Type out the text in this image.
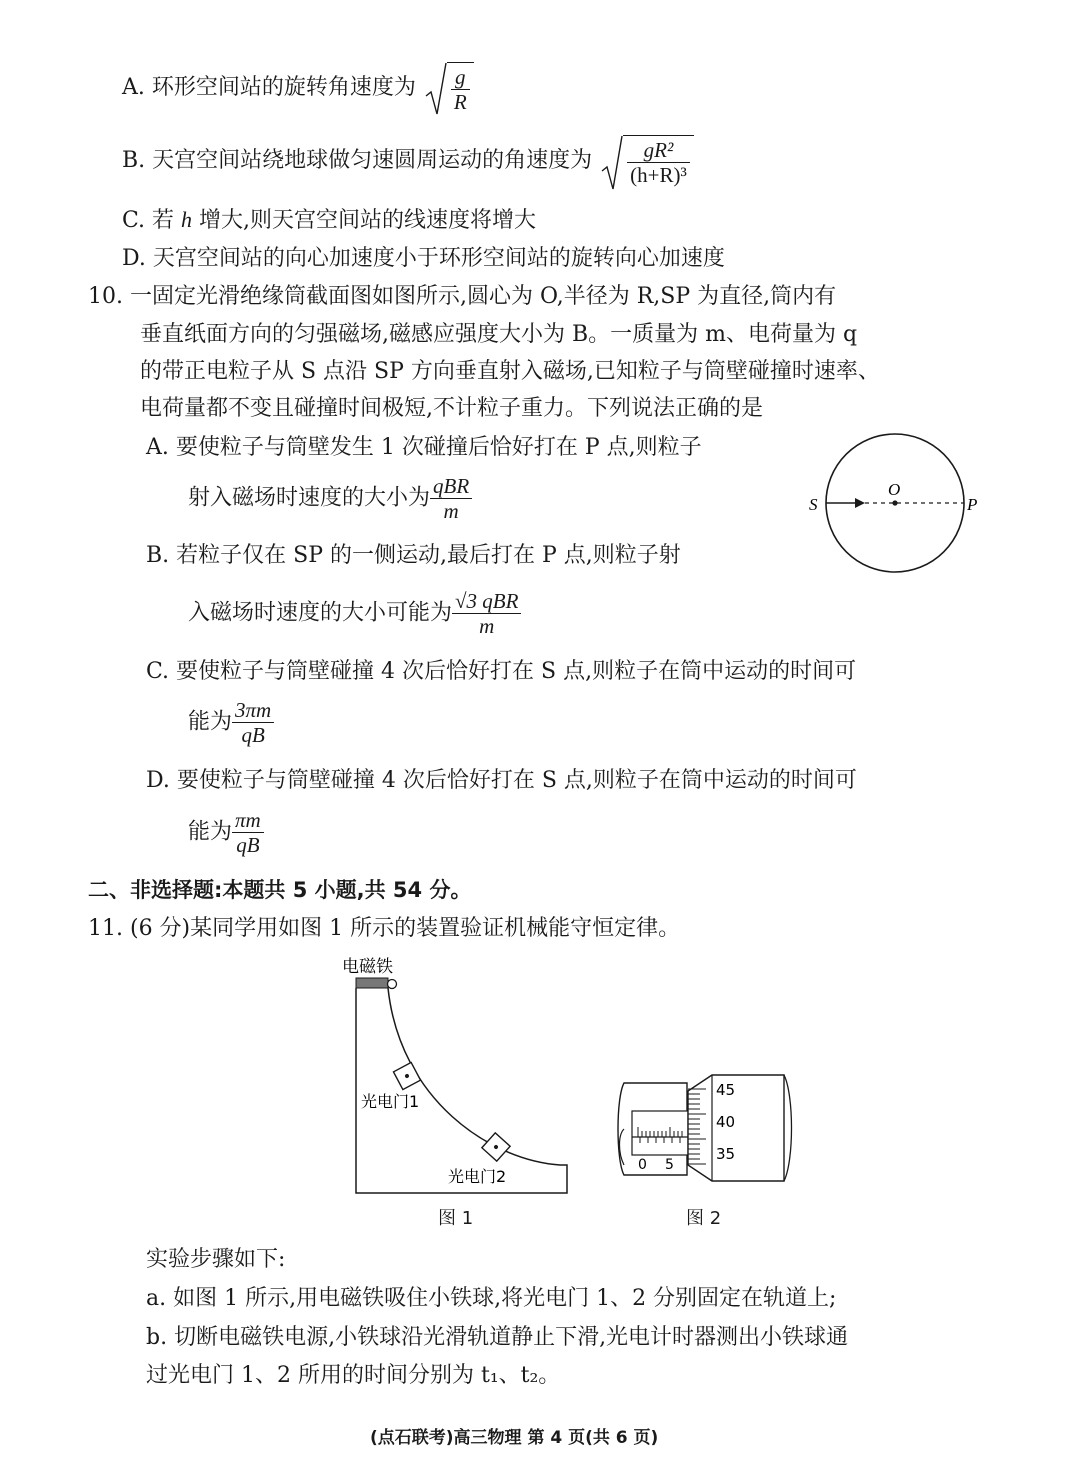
A. 环形空间站的旋转角速度为 $\frac{g}{R}$
B. 天宫空间站绕地球做匀速圆周运动的角速度为 $\frac{\text{gR²}}{\text{(h+R)³}}$
C. 若 h 增大,则天宫空间站的线速度将增大
D. 天宫空间站的向心加速度小于环形空间站的旋转向心加速度
10. 一固定光滑绝缘筒截面图如图所示,圆心为 O,半径为 R,SP 为直径,筒内有
垂直纸面方向的匀强磁场,磁感应强度大小为 B。一质量为 m、电荷量为 q
的带正电粒子从 S 点沿 SP 方向垂直射入磁场,已知粒子与筒壁碰撞时速率、
电荷量都不变且碰撞时间极短,不计粒子重力。下列说法正确的是
A. 要使粒子与筒壁发生 1 次碰撞后恰好打在 P 点,则粒子
射入磁场时速度的大小为 $\frac{\text{qBR}}{m}$
B. 若粒子仅在 SP 的一侧运动,最后打在 P 点,则粒子射
入磁场时速度的大小可能为 $\frac{\text{√3 qBR}}{m}$
C. 要使粒子与筒壁碰撞 4 次后恰好打在 S 点,则粒子在筒中运动的时间可
能为 $\frac{3\pi m}{qB}$
D. 要使粒子与筒壁碰撞 4 次后恰好打在 S 点,则粒子在筒中运动的时间可
能为 $\frac{\pi m}{qB}$
S
O
P
二、非选择题:本题共 5 小题,共 54 分。
11. (6 分)某同学用如图 1 所示的装置验证机械能守恒定律。
电磁铁
光电门1
光电门2
图 1
0 5
45
40
35
图 2
实验步骤如下:
a. 如图 1 所示,用电磁铁吸住小铁球,将光电门 1、2 分别固定在轨道上;
b. 切断电磁铁电源,小铁球沿光滑轨道静止下滑,光电计时器测出小铁球通
过光电门 1、2 所用的时间分别为 t₁、t₂。
(点石联考)高三物理 第 4 页(共 6 页)
